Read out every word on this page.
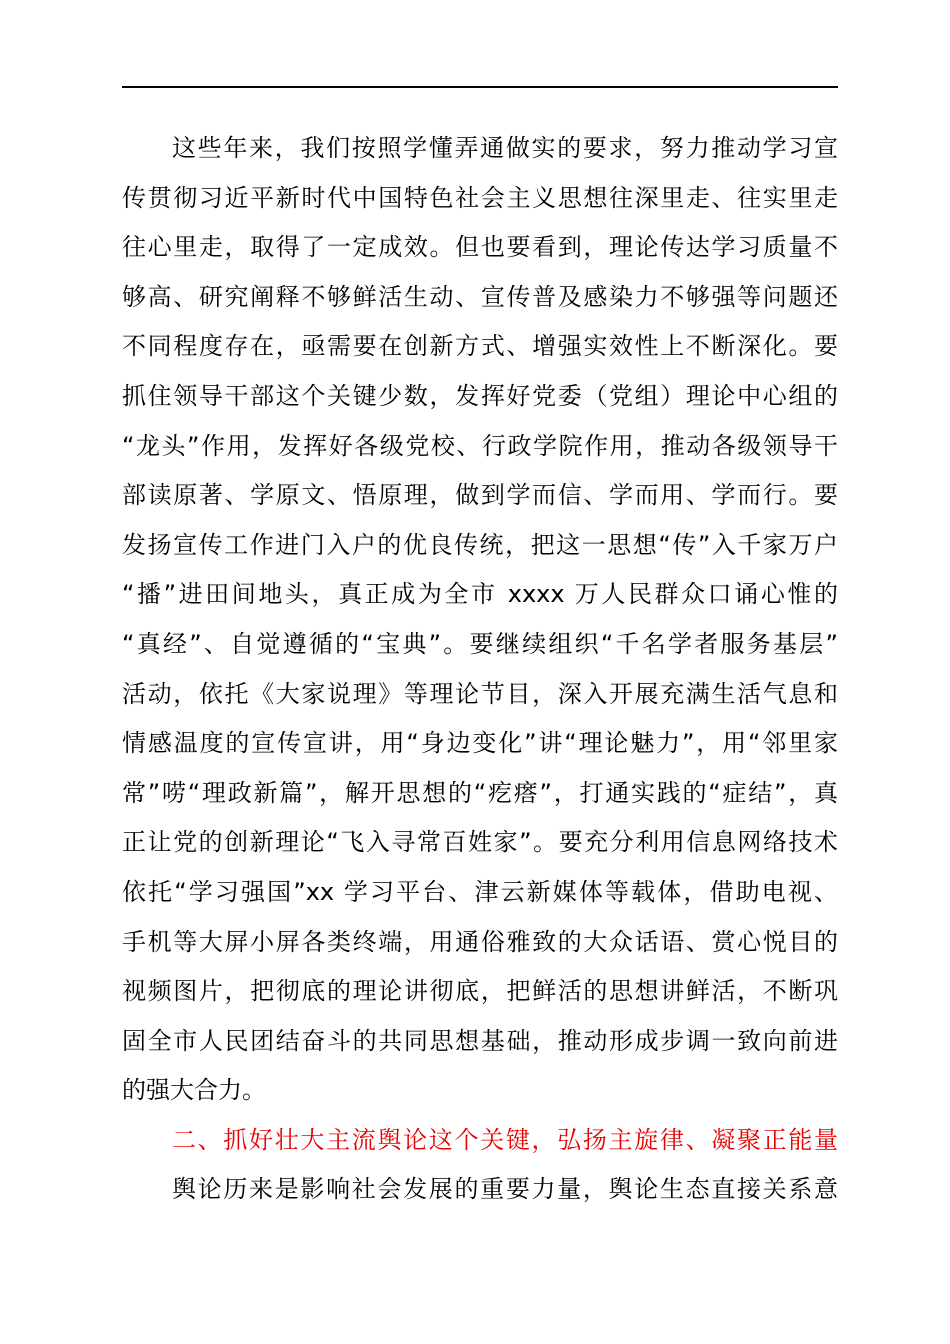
这些年来，我们按照学懂弄通做实的要求，努力推动学习宣
传贯彻习近平新时代中国特色社会主义思想往深里走、往实里走
往心里走，取得了一定成效。但也要看到，理论传达学习质量不
够高、研究阐释不够鲜活生动、宣传普及感染力不够强等问题还
不同程度存在，亟需要在创新方式、增强实效性上不断深化。要
抓住领导干部这个关键少数，发挥好党委（党组）理论中心组的
“龙头”作用，发挥好各级党校、行政学院作用，推动各级领导干
部读原著、学原文、悟原理，做到学而信、学而用、学而行。要
发扬宣传工作进门入户的优良传统，把这一思想“传”入千家万户
“播”进田间地头，真正成为全市 xxxx 万人民群众口诵心惟的
“真经”、自觉遵循的“宝典”。要继续组织“千名学者服务基层”
活动，依托《大家说理》等理论节目，深入开展充满生活气息和
情感温度的宣传宣讲，用“身边变化”讲“理论魅力”，用“邻里家
常”唠“理政新篇”，解开思想的“疙瘩”，打通实践的“症结”，真
正让党的创新理论“飞入寻常百姓家”。要充分利用信息网络技术
依托“学习强国”xx 学习平台、津云新媒体等载体，借助电视、
手机等大屏小屏各类终端，用通俗雅致的大众话语、赏心悦目的
视频图片，把彻底的理论讲彻底，把鲜活的思想讲鲜活，不断巩
固全市人民团结奋斗的共同思想基础，推动形成步调一致向前进
的强大合力。
二、抓好壮大主流舆论这个关键，弘扬主旋律、凝聚正能量
舆论历来是影响社会发展的重要力量，舆论生态直接关系意
